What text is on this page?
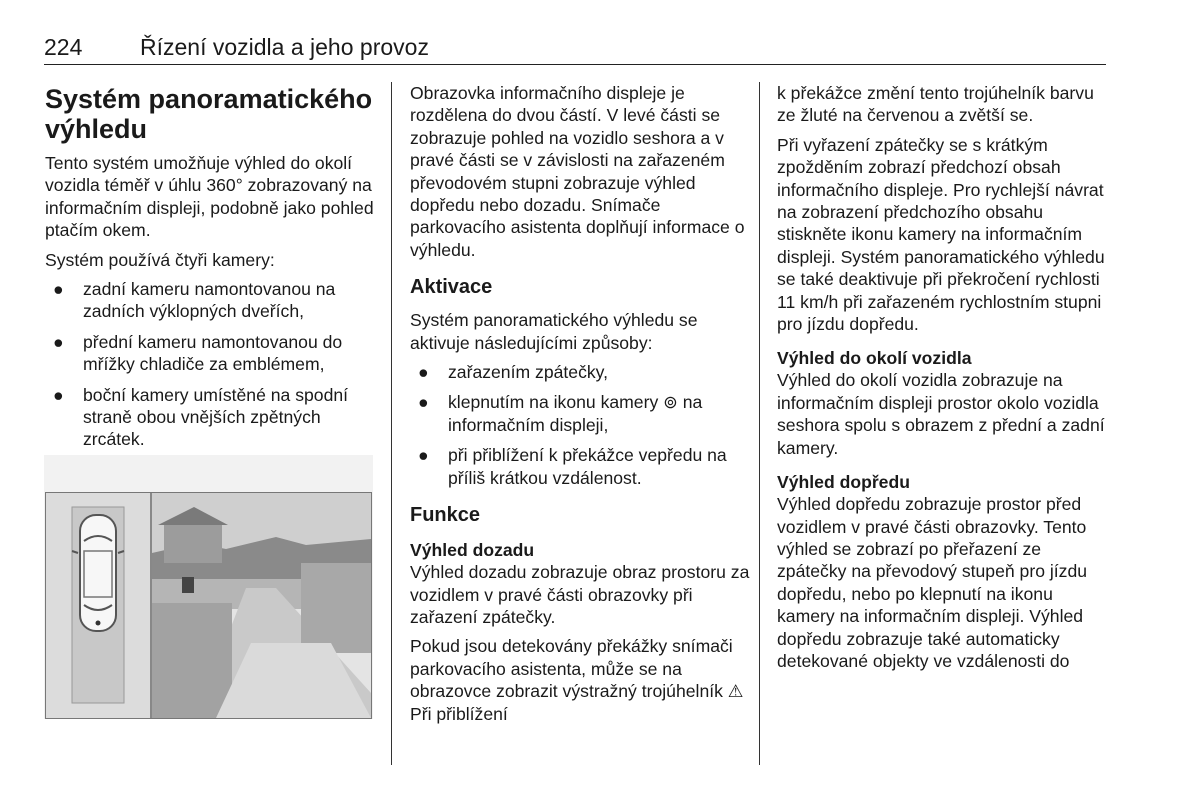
224	Řízení vozidla a jeho provoz
Systém panoramatického výhledu

Tento systém umožňuje výhled do okolí vozidla téměř v úhlu 360° zobrazovaný na informačním displeji, podobně jako pohled ptačím okem.

Systém používá čtyři kamery:

● zadní kameru namontovanou na zadních výklopných dveřích,
● přední kameru namontovanou do mřížky chladiče za emblémem,
● boční kamery umístěné na spodní straně obou vnějších zpětných zrcátek.

Obrazovka informačního displeje je rozdělena do dvou částí. V levé části se zobrazuje pohled na vozidlo seshora a v pravé části se v závislosti na zařazeném převodovém stupni zobrazuje výhled dopředu nebo dozadu. Snímače parkovacího asistenta doplňují informace o výhledu.

Aktivace

Systém panoramatického výhledu se aktivuje následujícími způsoby:

● zařazením zpátečky,
● klepnutím na ikonu kamery ⊚ na informačním displeji,
● při přiblížení k překážce vepředu na příliš krátkou vzdálenost.
Funkce
Výhled dozadu

Výhled dozadu zobrazuje obraz prostoru za vozidlem v pravé části obrazovky při zařazení zpátečky.

Pokud jsou detekovány překážky snímači parkovacího asistenta, může se na obrazovce zobrazit výstražný trojúhelník ⚠ Při přiblížení

k překážce změní tento trojúhelník barvu ze žluté na červenou a zvětší se.

Při vyřazení zpátečky se s krátkým zpožděním zobrazí předchozí obsah informačního displeje. Pro rychlejší návrat na zobrazení předchozího obsahu stiskněte ikonu kamery na informačním displeji. Systém panoramatického výhledu se také deaktivuje při překročení rychlosti 11 km/h při zařazeném rychlostním stupni pro jízdu dopředu.

Výhled do okolí vozidla

Výhled do okolí vozidla zobrazuje na informačním displeji prostor okolo vozidla seshora spolu s obrazem z přední a zadní kamery.

Výhled dopředu

Výhled dopředu zobrazuje prostor před vozidlem v pravé části obrazovky. Tento výhled se zobrazí po přeřazení ze zpátečky na převodový stupeň pro jízdu dopředu, nebo po klepnutí na ikonu kamery na informačním displeji. Výhled dopředu zobrazuje také automaticky detekované objekty ve vzdálenosti do
